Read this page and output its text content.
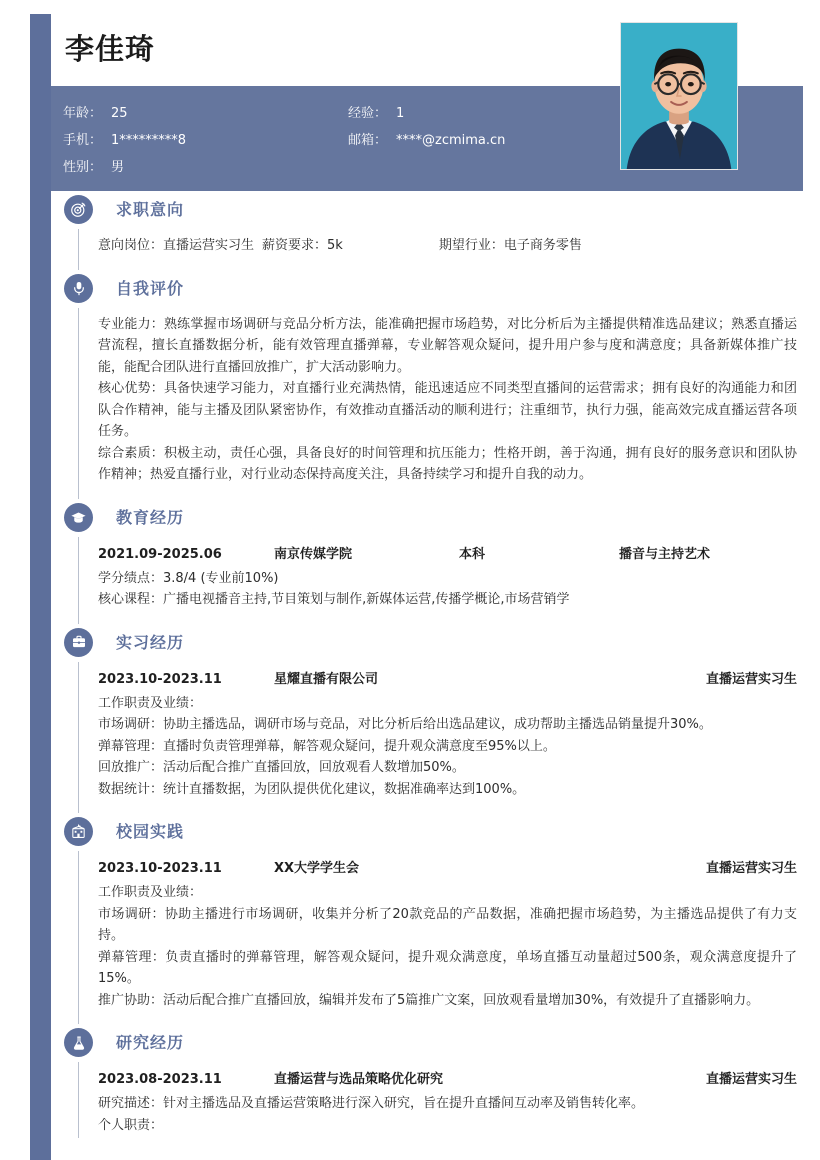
李佳琦
年龄： 25	经验： 1
手机： 1*********8	邮箱： ****@zcmima.cn
性别： 男
求职意向
意向岗位：直播运营实习生 薪资要求：5k	期望行业：电子商务零售
自我评价
专业能力：熟练掌握市场调研与竞品分析方法，能准确把握市场趋势，对比分析后为主播提供精准选品建议；熟悉直播运营流程，擅长直播数据分析，能有效管理直播弹幕，专业解答观众疑问，提升用户参与度和满意度；具备新媒体推广技能，能配合团队进行直播回放推广，扩大活动影响力。
核心优势：具备快速学习能力，对直播行业充满热情，能迅速适应不同类型直播间的运营需求；拥有良好的沟通能力和团队合作精神，能与主播及团队紧密协作，有效推动直播活动的顺利进行；注重细节，执行力强，能高效完成直播运营各项任务。
综合素质：积极主动，责任心强，具备良好的时间管理和抗压能力；性格开朗，善于沟通，拥有良好的服务意识和团队协作精神；热爱直播行业，对行业动态保持高度关注，具备持续学习和提升自我的动力。
教育经历
2021.09-2025.06	南京传媒学院	本科	播音与主持艺术
学分绩点：3.8/4 (专业前10%)
核心课程：广播电视播音主持,节目策划与制作,新媒体运营,传播学概论,市场营销学
实习经历
2023.10-2023.11	星耀直播有限公司	直播运营实习生
工作职责及业绩：
市场调研：协助主播选品，调研市场与竞品，对比分析后给出选品建议，成功帮助主播选品销量提升30%。
弹幕管理：直播时负责管理弹幕，解答观众疑问，提升观众满意度至95%以上。
回放推广：活动后配合推广直播回放，回放观看人数增加50%。
数据统计：统计直播数据，为团队提供优化建议，数据准确率达到100%。
校园实践
2023.10-2023.11	XX大学学生会	直播运营实习生
工作职责及业绩：
市场调研：协助主播进行市场调研，收集并分析了20款竞品的产品数据，准确把握市场趋势，为主播选品提供了有力支持。
弹幕管理：负责直播时的弹幕管理，解答观众疑问，提升观众满意度，单场直播互动量超过500条，观众满意度提升了15%。
推广协助：活动后配合推广直播回放，编辑并发布了5篇推广文案，回放观看量增加30%，有效提升了直播影响力。
研究经历
2023.08-2023.11	直播运营与选品策略优化研究	直播运营实习生
研究描述：针对主播选品及直播运营策略进行深入研究，旨在提升直播间互动率及销售转化率。
个人职责：
